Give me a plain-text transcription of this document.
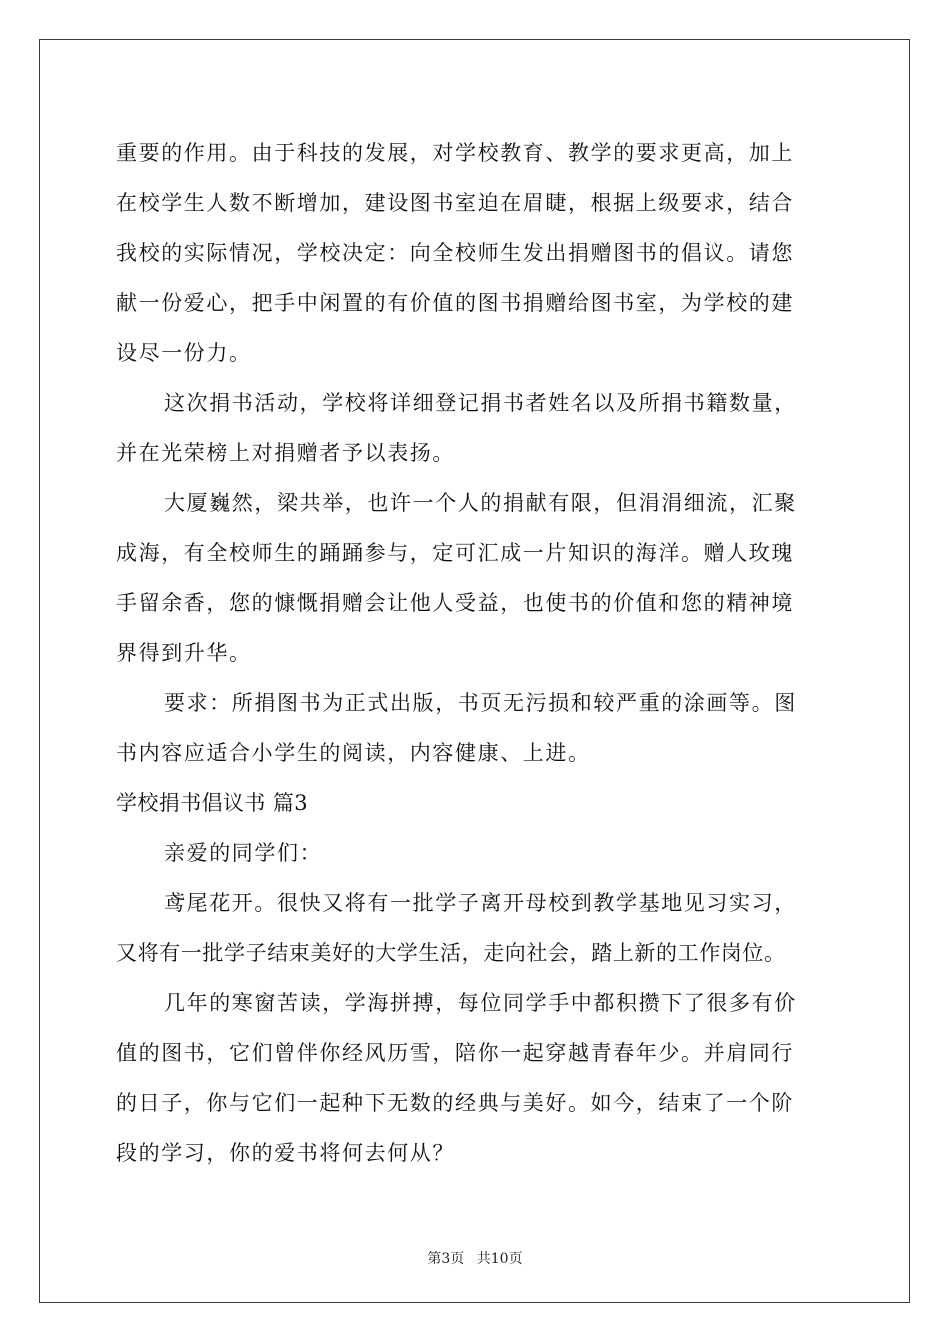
重要的作用。由于科技的发展，对学校教育、教学的要求更高，加上
在校学生人数不断增加，建设图书室迫在眉睫，根据上级要求，结合
我校的实际情况，学校决定：向全校师生发出捐赠图书的倡议。请您
献一份爱心，把手中闲置的有价值的图书捐赠给图书室，为学校的建
设尽一份力。
这次捐书活动，学校将详细登记捐书者姓名以及所捐书籍数量，
并在光荣榜上对捐赠者予以表扬。
大厦巍然，梁共举，也许一个人的捐献有限，但涓涓细流，汇聚
成海，有全校师生的踊踊参与，定可汇成一片知识的海洋。赠人玫瑰
手留余香，您的慷慨捐赠会让他人受益，也使书的价值和您的精神境
界得到升华。
要求：所捐图书为正式出版，书页无污损和较严重的涂画等。图
书内容应适合小学生的阅读，内容健康、上进。
学校捐书倡议书 篇3
亲爱的同学们：
鸢尾花开。很快又将有一批学子离开母校到教学基地见习实习，
又将有一批学子结束美好的大学生活，走向社会，踏上新的工作岗位。
几年的寒窗苦读，学海拼搏，每位同学手中都积攒下了很多有价
值的图书，它们曾伴你经风历雪，陪你一起穿越青春年少。并肩同行
的日子，你与它们一起种下无数的经典与美好。如今，结束了一个阶
段的学习，你的爱书将何去何从？
第3页 共10页
